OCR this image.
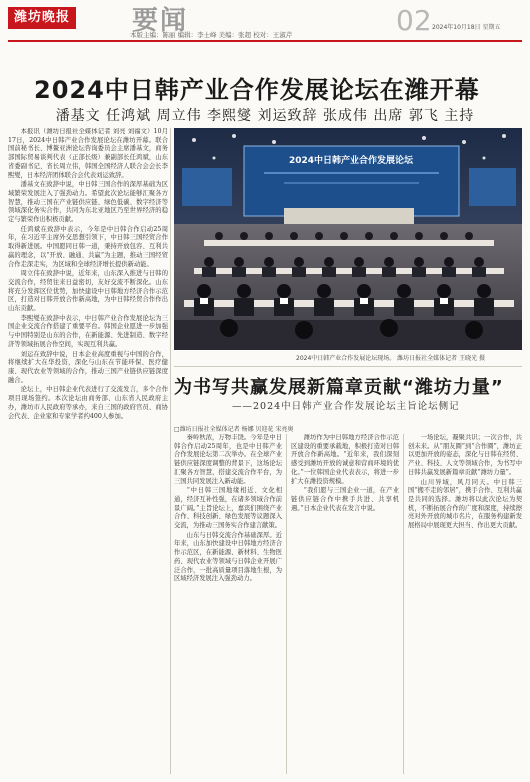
潍坊晚报 要闻
本版主编：陈丽 编辑：李士峰 美编：张超 校对：王淑芹	02 2024年10月18日 星期五
2024中日韩产业合作发展论坛在潍开幕
潘基文 任鸿斌 周立伟 李熙燮 刘运致辞 张成伟 出席 郭飞 主持

本报讯（潍坊日报社全媒体记者 刘亮 刘福文）10月17日，2024中日韩产业合作发展论坛在潍坊开幕。联合国前秘书长、博鳌亚洲论坛咨询委员会主席潘基文，商务部国际贸易谈判代表（正部长级）兼副部长任鸿斌，山东省委副书记、省长周立伟，韩国全国经济人联合会会长李熙燮，日本经济团体联合会代表刘运致辞。

潘基文在致辞中说，中日韩三国合作的深厚基础为区域繁荣发展注入了强劲动力。希望此次论坛能够汇聚各方智慧，推动三国在产业链供应链、绿色低碳、数字经济等领域深化务实合作，共同为东北亚地区乃至世界经济的稳定与繁荣作出积极贡献。

任鸿斌在致辞中表示，今年是中日韩合作启动25周年，在习近平主席外交思想引领下，中日韩三国经贸合作取得新进展。中国愿同日韩一道，秉持开放包容、互利共赢的理念，以“开放、融通、共赢”为主题，推动三国经贸合作走深走实，为区域和全球经济增长提供新动能。

周立伟在致辞中说，近年来，山东深入推进与日韩的交流合作，经贸往来日益密切，友好交流不断深化。山东将充分发挥区位优势，加快建设中日韩地方经济合作示范区，打造对日韩开放合作新高地，为中日韩经贸合作作出山东贡献。

李熙燮在致辞中表示，中日韩产业合作发展论坛为三国企业交流合作搭建了重要平台。韩国企业愿进一步加强与中国特别是山东的合作，在新能源、先进制造、数字经济等领域拓展合作空间，实现互利共赢。

刘运在致辞中说，日本企业高度重视与中国的合作，将继续扩大在华投资，深化与山东在节能环保、医疗健康、现代农业等领域的合作，推动三国产业链供应链深度融合。

论坛上，中日韩企业代表进行了交流发言，多个合作项目现场签约。本次论坛由商务部、山东省人民政府主办，潍坊市人民政府等承办，来自三国的政府官员、商协会代表、企业家和专家学者约400人参加。

2024中日韩产业合作发展论坛
2024中日韩产业合作发展论坛现场。 潍坊日报社全媒体记者 王晓光 摄
为书写共赢发展新篇章贡献“潍坊力量”
——2024中日韩产业合作发展论坛主旨论坛侧记
□潍坊日报社全媒体记者 杨娜 贝迎花 宋亮奥

秦岭秋浓，万物丰饶。今年是中日韩合作启动25周年，也是中日韩产业合作发展论坛第二次举办。在全球产业链供应链深度调整的背景下，这场论坛汇聚各方智慧，搭建交流合作平台，为三国共同发展注入新动能。

“中日韩三国地缘相近、文化相通，经济互补性强，在诸多领域合作前景广阔。”主旨论坛上，嘉宾们围绕产业合作、科技创新、绿色发展等议题深入交流，为推动三国务实合作建言献策。

山东与日韩交流合作基础深厚。近年来，山东加快建设中日韩地方经济合作示范区，在新能源、新材料、生物医药、现代农业等领域与日韩企业开展广泛合作，一批高质量项目落地生根，为区域经济发展注入强劲动力。

潍坊作为中日韩地方经济合作示范区建设的重要承载地，积极打造对日韩开放合作新高地。“近年来，我们深刻感受到潍坊开放的诚意和营商环境的优化。”一位韩国企业代表表示，将进一步扩大在潍投资规模。

“我们愿与三国企业一道，在产业链供应链合作中携手共进、共享机遇。”日本企业代表在发言中说。

一场论坛，凝聚共识；一次合作，共创未来。从“朋友圈”到“合作圈”，潍坊正以更加开放的姿态，深化与日韩在经贸、产业、科技、人文等领域合作，为书写中日韩共赢发展新篇章贡献“潍坊力量”。

山川异域，风月同天。中日韩三国“搬不走的邻居”，携手合作、互利共赢是共同的选择。潍坊将以此次论坛为契机，不断拓展合作的广度和深度，持续擦亮对外开放的城市名片，在服务构建新发展格局中展现更大担当、作出更大贡献。
